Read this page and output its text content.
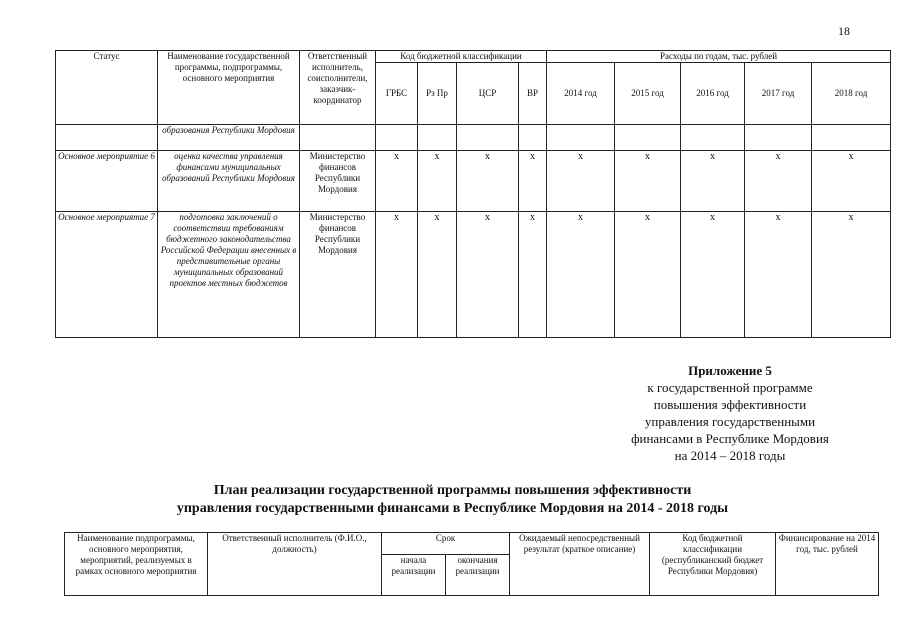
18
Статус	Наименование государственной программы, подпрограммы, основного мероприятия	Ответственный исполнитель, соисполнители, заказчик-координатор	Код бюджетной классификации				Расходы по годам, тыс. рублей				
			ГРБС	Рз Пр	ЦСР	ВР	2014 год	2015 год	2016 год	2017 год	2018 год
	образования Республики Мордовия										
Основное мероприятие 6	оценка качества управления финансами муниципальных образований Республики Мордовия	Министерство финансов Республики Мордовия	х	х	х	х	х	х	х	х	х
Основное мероприятие 7	подготовка заключений о соответствии требованиям бюджетного законодательства Российской Федерации внесенных в представительные органы муниципальных образований проектов местных бюджетов	Министерство финансов Республики Мордовия	х	х	х	х	х	х	х	х	х
Приложение 5
к государственной программе
повышения эффективности
управления государственными
финансами в Республике Мордовия
на 2014 – 2018 годы
План реализации государственной программы повышения эффективности
управления государственными финансами в Республике Мордовия на 2014 - 2018 годы
Наименование подпрограммы, основного мероприятия, мероприятий, реализуемых в рамках основного мероприятия	Ответственный исполнитель (Ф.И.О., должность)	Срок		Ожидаемый непосредственный результат (краткое описание)	Код бюджетной классификации (республиканский бюджет Республики Мордовия)	Финансирование на 2014 год, тыс. рублей
		начала реализации	окончания реализации			
